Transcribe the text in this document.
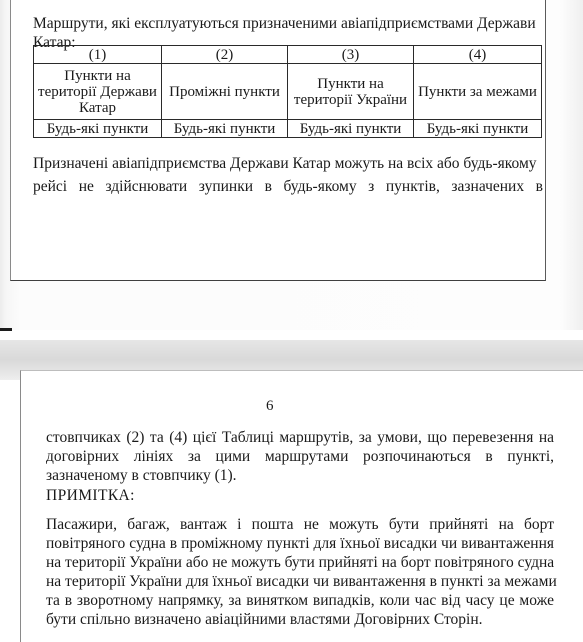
Маршрути, які експлуатуються призначеними авіапідприємствами Держави Катар:
(1)	(2)	(3)	(4)
Пункти на території Держави Катар	Проміжні пункти	Пункти на території України	Пункти за межами
Будь-які пункти	Будь-які пункти	Будь-які пункти	Будь-які пункти
Призначені авіапідприємства Держави Катар можуть на всіх або будь-якому
рейсі не здійснювати зупинки в будь-якому з пунктів, зазначених в
6
стовпчиках (2) та (4) цієї Таблиці маршрутів, за умови, що перевезення на
договірних лініях за цими маршрутами розпочинаються в пункті,
зазначеному в стовпчику (1).
ПРИМІТКА:
Пасажири, багаж, вантаж і пошта не можуть бути прийняті на борт
повітряного судна в проміжному пункті для їхньої висадки чи вивантаження
на території України або не можуть бути прийняті на борт повітряного судна
на території України для їхньої висадки чи вивантаження в пункті за межами
та в зворотному напрямку, за винятком випадків, коли час від часу це може
бути спільно визначено авіаційними властями Договірних Сторін.
